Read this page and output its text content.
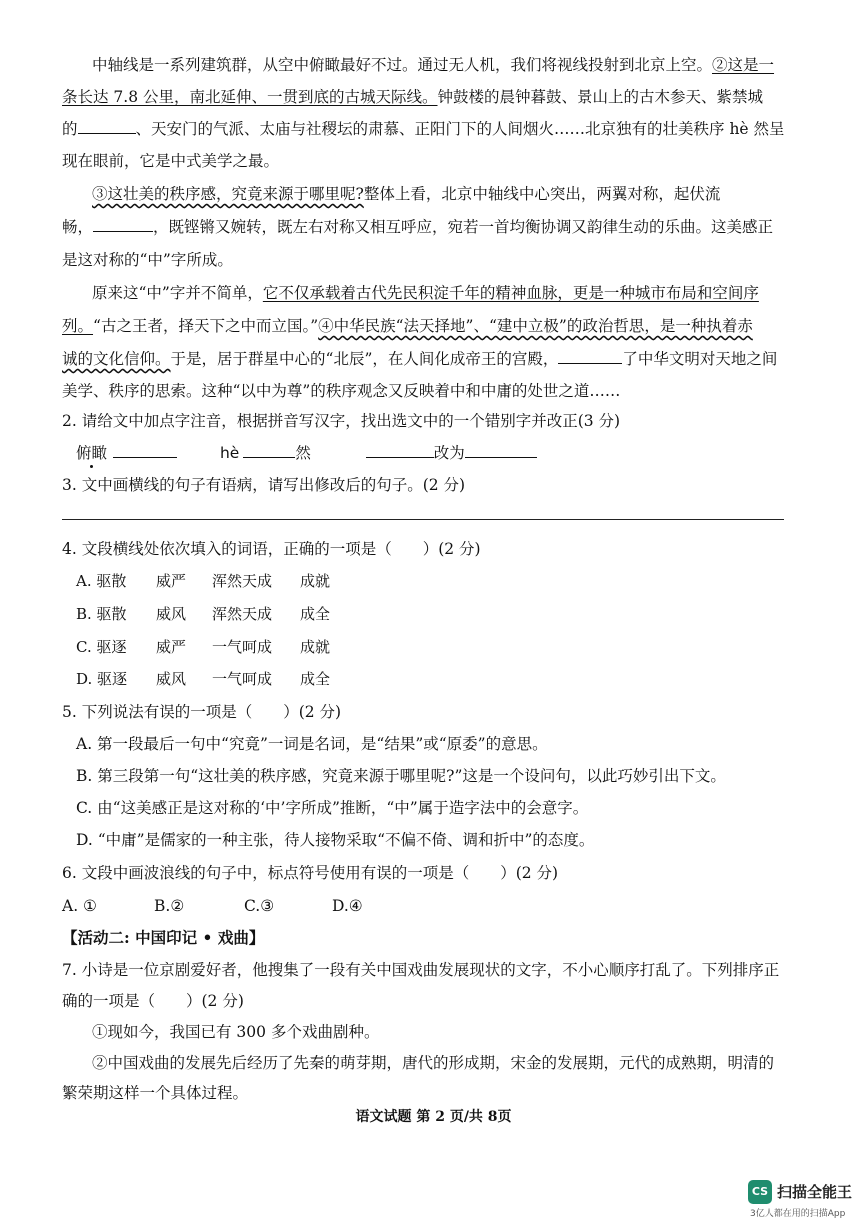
中轴线是一系列建筑群，从空中俯瞰最好不过。通过无人机，我们将视线投射到北京上空。②这是一
条长达 7.8 公里，南北延伸、一贯到底的古城天际线。钟鼓楼的晨钟暮鼓、景山上的古木参天、紫禁城
的	、天安门的气派、太庙与社稷坛的肃慕、正阳门下的人间烟火……北京独有的壮美秩序 hè 然呈
现在眼前，它是中式美学之最。
③这壮美的秩序感，究竟来源于哪里呢?整体上看，北京中轴线中心突出，两翼对称，起伏流
畅，	，既铿锵又婉转，既左右对称又相互呼应，宛若一首均衡协调又韵律生动的乐曲。这美感正
是这对称的“中”字所成。
原来这“中”字并不简单，它不仅承载着古代先民积淀千年的精神血脉，更是一种城市布局和空间序
列。“古之王者，择天下之中而立国。”④中华民族“法天择地”、“建中立极”的政治哲思，是一种执着赤
诚的文化信仰。于是，居于群星中心的“北辰”，在人间化成帝王的宫殿，	了中华文明对天地之间
美学、秩序的思索。这种“以中为尊”的秩序观念又反映着中和中庸的处世之道……
2. 请给文中加点字注音，根据拼音写汉字，找出选文中的一个错别字并改正(3 分)
俯瞰	hè	然	改为
3. 文中画横线的句子有语病，请写出修改后的句子。(2 分)
4. 文段横线处依次填入的词语，正确的一项是（　　）(2 分)
A. 驱散 威严 浑然天成 成就
B. 驱散 威风 浑然天成 成全
C. 驱逐 威严 一气呵成 成就
D. 驱逐 威风 一气呵成 成全
5. 下列说法有误的一项是（　　）(2 分)
A. 第一段最后一句中“究竟”一词是名词，是“结果”或“原委”的意思。
B. 第三段第一句“这壮美的秩序感，究竟来源于哪里呢?”这是一个设问句，以此巧妙引出下文。
C. 由“这美感正是这对称的‘中’字所成”推断，“中”属于造字法中的会意字。
D. “中庸”是儒家的一种主张，待人接物采取“不偏不倚、调和折中”的态度。
6. 文段中画波浪线的句子中，标点符号使用有误的一项是（　　）(2 分)
A. ①	B.②	C.③	D.④
【活动二: 中国印记 • 戏曲】
7. 小诗是一位京剧爱好者，他搜集了一段有关中国戏曲发展现状的文字，不小心顺序打乱了。下列排序正
确的一项是（　　）(2 分)
①现如今，我国已有 300 多个戏曲剧种。
②中国戏曲的发展先后经历了先秦的萌芽期，唐代的形成期，宋金的发展期，元代的成熟期，明清的
繁荣期这样一个具体过程。
语文试题 第 2 页/共 8页
CS 扫描全能王
3亿人都在用的扫描App
